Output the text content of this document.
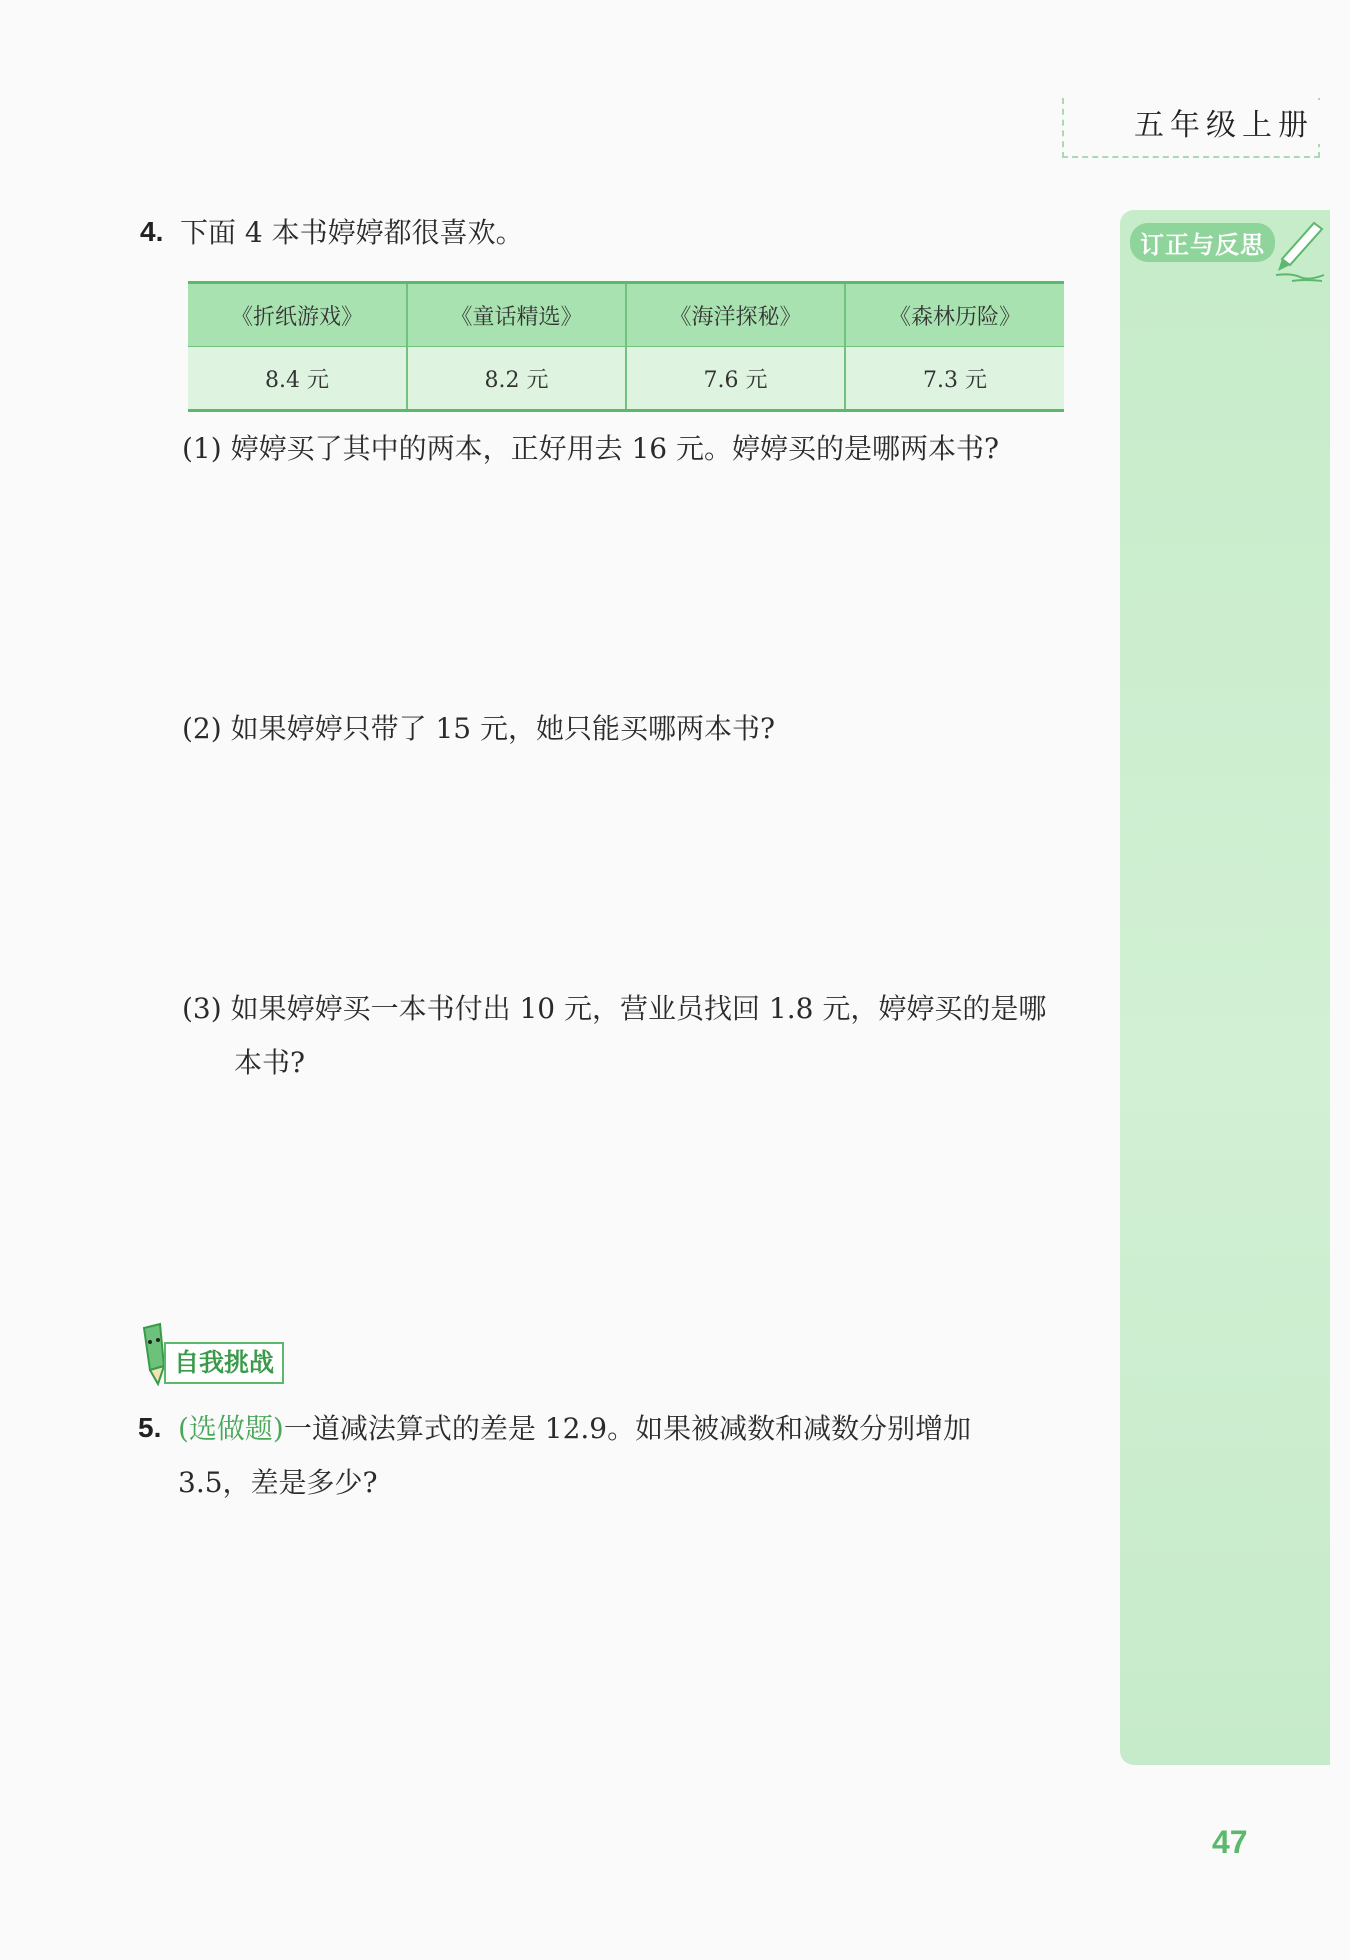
五年级上册
订正与反思
4. 下面 4 本书婷婷都很喜欢。
《折纸游戏》	《童话精选》	《海洋探秘》	《森林历险》
8.4 元	8.2 元	7.6 元	7.3 元
(1) 婷婷买了其中的两本，正好用去 16 元。婷婷买的是哪两本书?
(2) 如果婷婷只带了 15 元，她只能买哪两本书?
(3) 如果婷婷买一本书付出 10 元，营业员找回 1.8 元，婷婷买的是哪
本书?
自我挑战
5. (选做题)一道减法算式的差是 12.9。如果被减数和减数分别增加
3.5，差是多少?
47
